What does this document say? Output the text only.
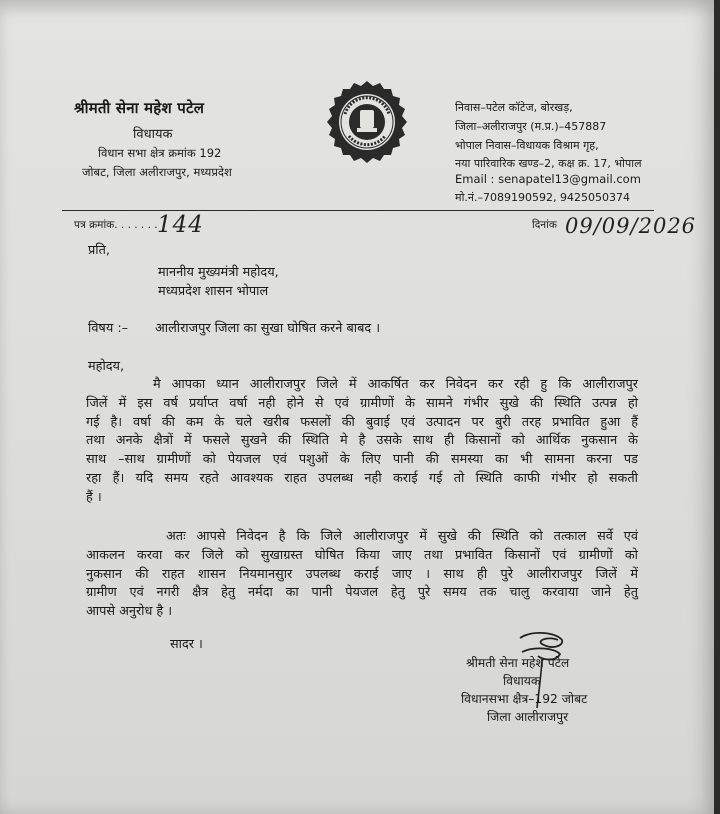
श्रीमती सेना महेश पटेल
विधायक
विधान सभा क्षेत्र क्रमांक 192
जोबट, जिला अलीराजपुर, मध्यप्रदेश
निवास–पटेल कॉटेज, बोरखड़,
जिला–अलीराजपुर (म.प्र.)–457887
भोपाल निवास–विधायक विश्राम गृह,
नया पारिवारिक खण्ड–2, कक्ष क्र. 17, भोपाल
Email : senapatel13@gmail.com
मो.नं.–7089190592, 9425050374
पत्र क्रमांक. . . . . . . 144	दिनांक 09/09/2026
प्रति,
माननीय मुख्यमंत्री महोदय,
मध्यप्रदेश शासन भोपाल
विषय :– आलीराजपुर जिला का सुखा घोषित करने बाबद ।
महोदय,
मै आपका ध्यान आलीराजपुर जिले में आकर्षित कर निवेदन कर रही हु कि आलीराजपुर
जिलें में इस वर्ष प्रर्याप्त वर्षा नही होने से एवं ग्रामीणों के सामने गंभीर सुखे की स्थिति उत्पन्न हो
गई है। वर्षा की कम के चले खरीब फसलों की बुवाई एवं उत्पादन पर बुरी तरह प्रभावित हुआ हैं
तथा अनके क्षैत्रों में फसले सुखने की स्थिति मे है उसके साथ ही किसानों को आर्थिक नुकसान के
साथ –साथ ग्रामीणों को पेयजल एवं पशुओं के लिए पानी की समस्या का भी सामना करना पड
रहा हैं। यदि समय रहते आवश्यक राहत उपलब्ध नही कराई गई तो स्थिति काफी गंभीर हो सकती
हैं ।
अतः आपसे निवेदन है कि जिले आलीराजपुर में सुखे की स्थिति को तत्काल सर्वे एवं
आकलन करवा कर जिले को सुखाग्रस्त घोषित किया जाए तथा प्रभावित किसानों एवं ग्रामीणों को
नुकसान की राहत शासन नियमानसुार उपलब्ध कराई जाए । साथ ही पुरे आलीराजपुर जिलें में
ग्रामीण एवं नगरी क्षैत्र हेतु नर्मदा का पानी पेयजल हेतु पुरे समय तक चालु करवाया जाने हेतु
आपसे अनुरोध है ।
सादर ।
श्रीमती सेना महेश पटेल
विधायक
विधानसभा क्षैत्र–192 जोबट
जिला आलीराजपुर
